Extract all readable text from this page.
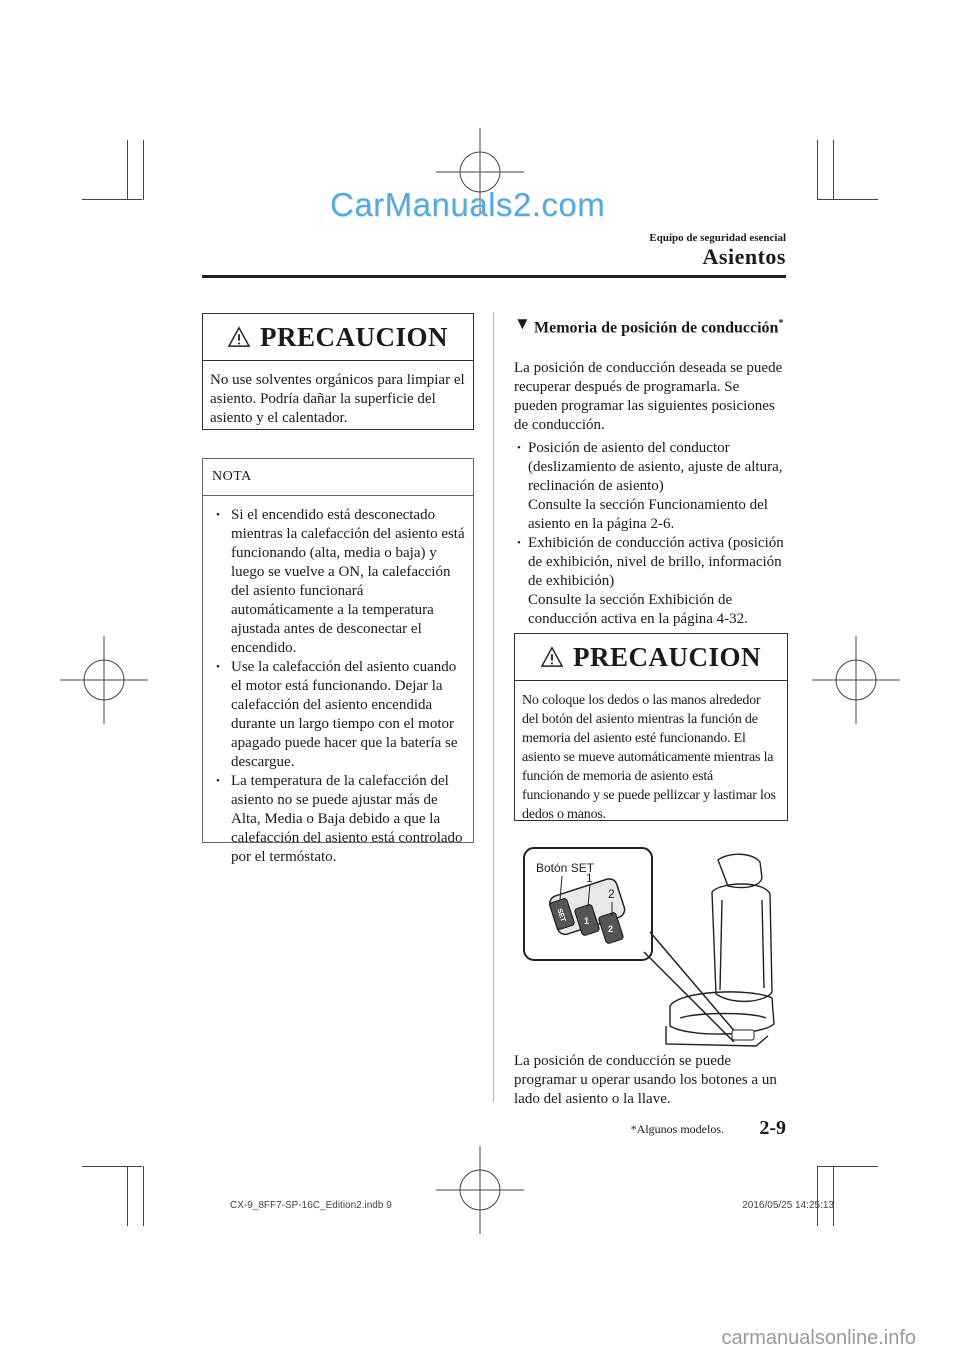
CarManuals2.com
carmanualsonline.info
Equipo de seguridad esencial
Asientos
PRECAUCION
No use solventes orgánicos para limpiar el asiento. Podría dañar la superficie del asiento y el calentador.
NOTA
• Si el encendido está desconectado mientras la calefacción del asiento está funcionando (alta, media o baja) y luego se vuelve a ON, la calefacción del asiento funcionará automáticamente a la temperatura ajustada antes de desconectar el encendido.
• Use la calefacción del asiento cuando el motor está funcionando. Dejar la calefacción del asiento encendida durante un largo tiempo con el motor apagado puede hacer que la batería se descargue.
• La temperatura de la calefacción del asiento no se puede ajustar más de Alta, Media o Baja debido a que la calefacción del asiento está controlado por el termóstato.
▼ Memoria de posición de conducción*
La posición de conducción deseada se puede recuperar después de programarla. Se pueden programar las siguientes posiciones de conducción.
• Posición de asiento del conductor (deslizamiento de asiento, ajuste de altura, reclinación de asiento)
Consulte la sección Funcionamiento del asiento en la página 2-6.
• Exhibición de conducción activa (posición de exhibición, nivel de brillo, información de exhibición)
Consulte la sección Exhibición de conducción activa en la página 4-32.
PRECAUCION
No coloque los dedos o las manos alrededor del botón del asiento mientras la función de memoria del asiento esté funcionando. El asiento se mueve automáticamente mientras la función de memoria de asiento está funcionando y se puede pellizcar y lastimar los dedos o manos.
SET 1
2
Botón SET
1
2
La posición de conducción se puede programar u operar usando los botones a un lado del asiento o la llave.
*Algunos modelos. 2-9
CX-9_8FF7-SP-16C_Edition2.indb 9	2016/05/25 14:25:13
